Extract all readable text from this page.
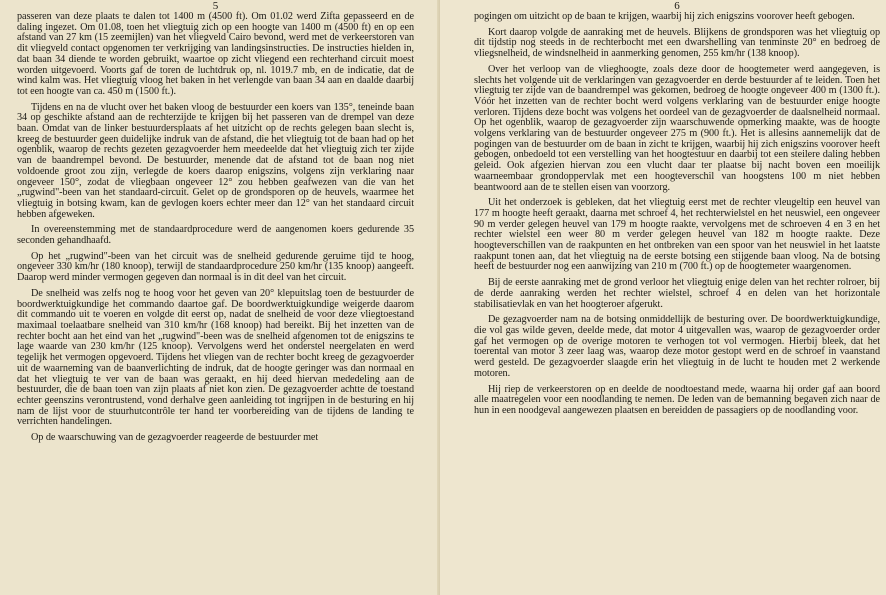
5

passeren van deze plaats te dalen tot 1400 m (4500 ft). Om 01.02 werd Zifta gepasseerd en de daling ingezet. Om 01.08, toen het vliegtuig zich op een hoogte van 1400 m (4500 ft) en op een afstand van 27 km (15 zeemijlen) van het vliegveld Cairo bevond, werd met de verkeerstoren van dit vliegveld contact opgenomen ter verkrijging van landingsinstructies. De instructies hielden in, dat baan 34 diende te worden gebruikt, waartoe op zicht vliegend een rechterhand circuit moest worden uitgevoerd. Voorts gaf de toren de luchtdruk op, nl. 1019.7 mb, en de indicatie, dat de wind kalm was. Het vliegtuig vloog het baken in het verlengde van baan 34 aan en daalde daarbij tot een hoogte van ca. 450 m (1500 ft.).

Tijdens en na de vlucht over het baken vloog de bestuurder een koers van 135°, teneinde baan 34 op geschikte afstand aan de rechterzijde te krijgen bij het passeren van de drempel van deze baan. Omdat van de linker bestuurdersplaats af het uitzicht op de rechts gelegen baan slecht is, kreeg de bestuurder geen duidelijke indruk van de afstand, die het vliegtuig tot de baan had op het ogenblik, waarop de rechts gezeten gezagvoerder hem meedeelde dat het vliegtuig zich ter zijde van de baandrempel bevond. De bestuurder, menende dat de afstand tot de baan nog niet voldoende groot zou zijn, verlegde de koers daarop enigszins, volgens zijn verklaring naar ongeveer 150°, zodat de vliegbaan ongeveer 12° zou hebben geafwezen van die van het „rugwind"-been van het standaard-circuit. Gelet op de grondsporen op de heuvels, waarmee het vliegtuig in botsing kwam, kan de gevlogen koers echter meer dan 12° van het standaard circuit hebben afgeweken.

In overeenstemming met de standaardprocedure werd de aangenomen koers gedurende 35 seconden gehandhaafd.

Op het „rugwind"-been van het circuit was de snelheid gedurende geruime tijd te hoog, ongeveer 330 km/hr (180 knoop), terwijl de standaardprocedure 250 km/hr (135 knoop) aangeeft. Daarop werd minder vermogen gegeven dan normaal is in dit deel van het circuit.

De snelheid was zelfs nog te hoog voor het geven van 20° klepuitslag toen de bestuurder de boordwerktuigkundige het commando daartoe gaf. De boordwerktuigkundige weigerde daarom dit commando uit te voeren en volgde dit eerst op, nadat de snelheid de voor deze vliegtoestand maximaal toelaatbare snelheid van 310 km/hr (168 knoop) had bereikt. Bij het inzetten van de rechter bocht aan het eind van het „rugwind"-been was de snelheid afgenomen tot de enigszins te lage waarde van 230 km/hr (125 knoop). Vervolgens werd het onderstel neergelaten en werd tegelijk het vermogen opgevoerd. Tijdens het vliegen van de rechter bocht kreeg de gezagvoerder uit de waarneming van de baanverlichting de indruk, dat de hoogte geringer was dan normaal en dat het vliegtuig te ver van de baan was geraakt, en hij deed hiervan mededeling aan de bestuurder, die de baan toen van zijn plaats af niet kon zien. De gezagvoerder achtte de toestand echter geenszins verontrustend, vond derhalve geen aanleiding tot ingrijpen in de besturing en hij nam de lijst voor de stuurhutcontrôle ter hand ter voorbereiding van de tijdens de landing te verrichten handelingen.

Op de waarschuwing van de gezagvoerder reageerde de bestuurder met

6

pogingen om uitzicht op de baan te krijgen, waarbij hij zich enigszins voorover heeft gebogen.

Kort daarop volgde de aanraking met de heuvels. Blijkens de grondsporen was het vliegtuig op dit tijdstip nog steeds in de rechterbocht met een dwarshelling van tenminste 20° en bedroeg de vliegsnelheid, de windsnelheid in aanmerking genomen, 255 km/hr (138 knoop).

Over het verloop van de vlieghoogte, zoals deze door de hoogtemeter werd aangegeven, is slechts het volgende uit de verklaringen van gezagvoerder en derde bestuurder af te leiden. Toen het vliegtuig ter zijde van de baandrempel was gekomen, bedroeg de hoogte ongeveer 400 m (1300 ft.). Vóór het inzetten van de rechter bocht werd volgens verklaring van de bestuurder enige hoogte verloren. Tijdens deze bocht was volgens het oordeel van de gezagvoerder de daalsnelheid normaal. Op het ogenblik, waarop de gezagvoerder zijn waarschuwende opmerking maakte, was de hoogte volgens verklaring van de bestuurder ongeveer 275 m (900 ft.). Het is allesins aannemelijk dat de pogingen van de bestuurder om de baan in zicht te krijgen, waarbij hij zich enigszins voorover heeft gebogen, onbedoeld tot een verstelling van het hoogtestuur en daarbij tot een steilere daling hebben geleid. Ook afgezien hiervan zou een vlucht daar ter plaatse bij nacht boven een moeilijk waarneembaar grondoppervlak met een hoogteverschil van hoogstens 100 m niet hebben beantwoord aan de te stellen eisen van voorzorg.

Uit het onderzoek is gebleken, dat het vliegtuig eerst met de rechter vleugeltip een heuvel van 177 m hoogte heeft geraakt, daarna met schroef 4, het rechterwielstel en het neuswiel, een ongeveer 90 m verder gelegen heuvel van 179 m hoogte raakte, vervolgens met de schroeven 4 en 3 en het rechter wielstel een weer 80 m verder gelegen heuvel van 182 m hoogte raakte. Deze hoogteverschillen van de raakpunten en het ontbreken van een spoor van het neuswiel in het laatste raakpunt tonen aan, dat het vliegtuig na de eerste botsing een stijgende baan vloog. Na de botsing heeft de bestuurder nog een aanwijzing van 210 m (700 ft.) op de hoogtemeter waargenomen.

Bij de eerste aanraking met de grond verloor het vliegtuig enige delen van het rechter rolroer, bij de derde aanraking werden het rechter wielstel, schroef 4 en delen van het horizontale stabilisatievlak en van het hoogteroer afgerukt.

De gezagvoerder nam na de botsing onmiddellijk de besturing over. De boordwerktuigkundige, die vol gas wilde geven, deelde mede, dat motor 4 uitgevallen was, waarop de gezagvoerder order gaf het vermogen op de overige motoren te verhogen tot vol vermogen. Hierbij bleek, dat het toerental van motor 3 zeer laag was, waarop deze motor gestopt werd en de schroef in vaanstand werd gesteld. De gezagvoerder slaagde erin het vliegtuig in de lucht te houden met 2 werkende motoren.

Hij riep de verkeerstoren op en deelde de noodtoestand mede, waarna hij order gaf aan boord alle maatregelen voor een noodlanding te nemen. De leden van de bemanning begaven zich naar de hun in een noodgeval aangewezen plaatsen en bereidden de passagiers op de noodlanding voor.
